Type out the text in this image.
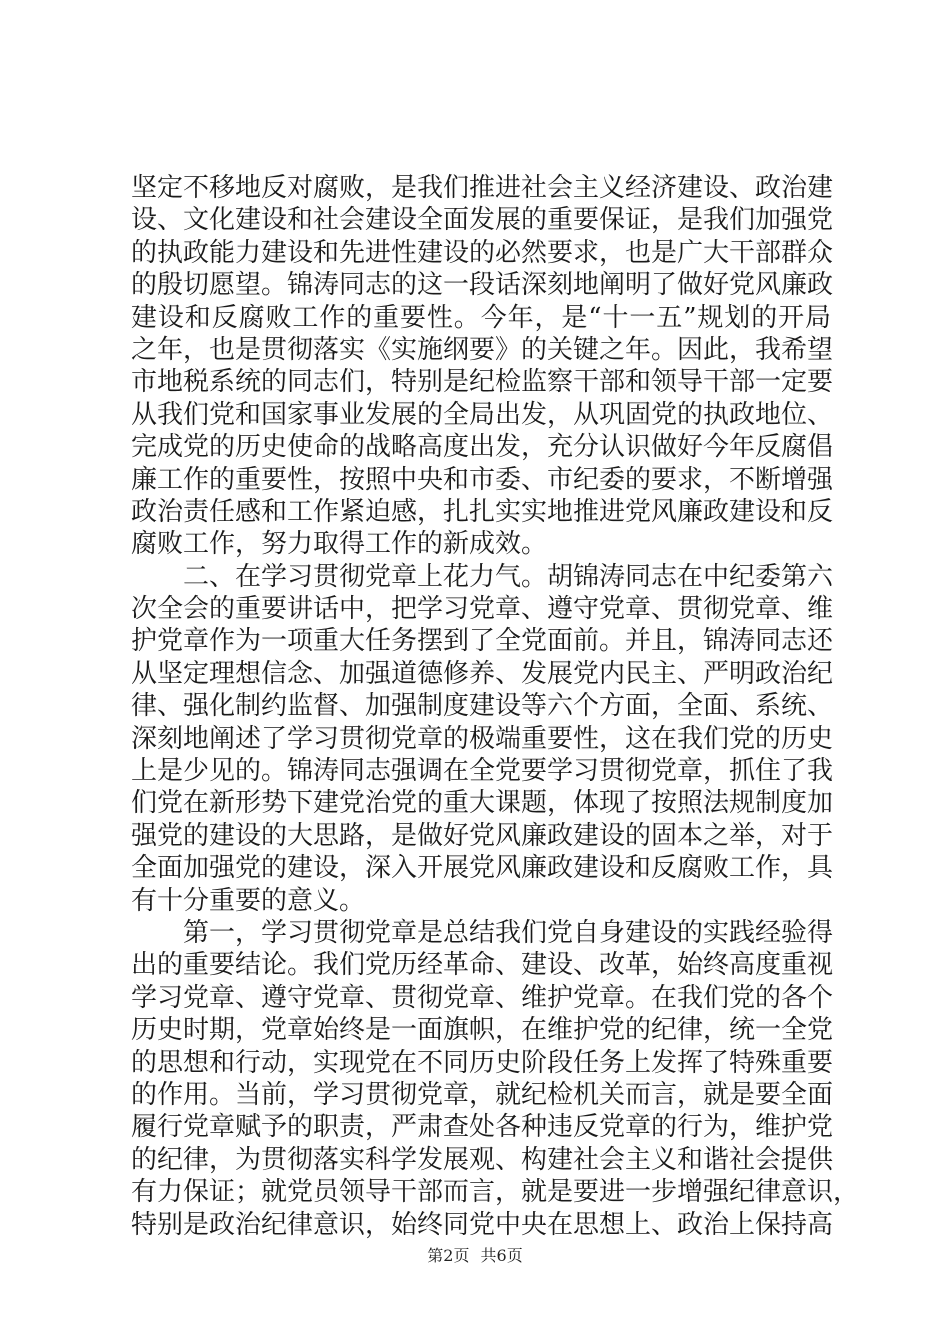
坚定不移地反对腐败，是我们推进社会主义经济建设、政治建
设、文化建设和社会建设全面发展的重要保证，是我们加强党
的执政能力建设和先进性建设的必然要求，也是广大干部群众
的殷切愿望。锦涛同志的这一段话深刻地阐明了做好党风廉政
建设和反腐败工作的重要性。今年，是“十一五”规划的开局
之年，也是贯彻落实《实施纲要》的关键之年。因此，我希望
市地税系统的同志们，特别是纪检监察干部和领导干部一定要
从我们党和国家事业发展的全局出发，从巩固党的执政地位、
完成党的历史使命的战略高度出发，充分认识做好今年反腐倡
廉工作的重要性，按照中央和市委、市纪委的要求，不断增强
政治责任感和工作紧迫感，扎扎实实地推进党风廉政建设和反
腐败工作，努力取得工作的新成效。
二、在学习贯彻党章上花力气。胡锦涛同志在中纪委第六
次全会的重要讲话中，把学习党章、遵守党章、贯彻党章、维
护党章作为一项重大任务摆到了全党面前。并且，锦涛同志还
从坚定理想信念、加强道德修养、发展党内民主、严明政治纪
律、强化制约监督、加强制度建设等六个方面，全面、系统、
深刻地阐述了学习贯彻党章的极端重要性，这在我们党的历史
上是少见的。锦涛同志强调在全党要学习贯彻党章，抓住了我
们党在新形势下建党治党的重大课题，体现了按照法规制度加
强党的建设的大思路，是做好党风廉政建设的固本之举，对于
全面加强党的建设，深入开展党风廉政建设和反腐败工作，具
有十分重要的意义。
第一，学习贯彻党章是总结我们党自身建设的实践经验得
出的重要结论。我们党历经革命、建设、改革，始终高度重视
学习党章、遵守党章、贯彻党章、维护党章。在我们党的各个
历史时期，党章始终是一面旗帜，在维护党的纪律，统一全党
的思想和行动，实现党在不同历史阶段任务上发挥了特殊重要
的作用。当前，学习贯彻党章，就纪检机关而言，就是要全面
履行党章赋予的职责，严肃查处各种违反党章的行为，维护党
的纪律，为贯彻落实科学发展观、构建社会主义和谐社会提供
有力保证；就党员领导干部而言，就是要进一步增强纪律意识，
特别是政治纪律意识，始终同党中央在思想上、政治上保持高
第2页 共6页
